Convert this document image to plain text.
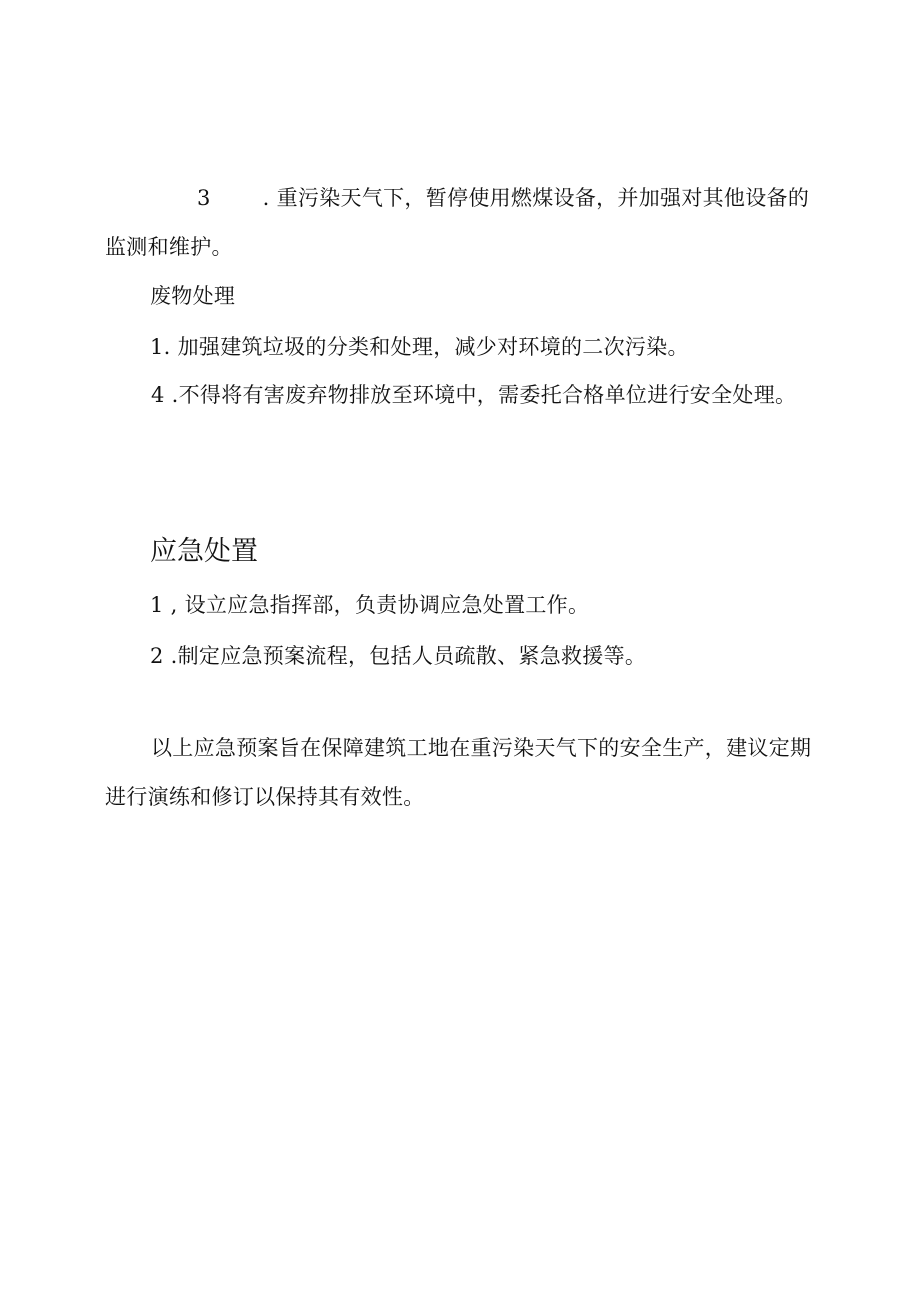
3 . 重污染天气下，暂停使用燃煤设备，并加强对其他设备的监测和维护。

废物处理

1. 加强建筑垃圾的分类和处理，减少对环境的二次污染。

4 .不得将有害废弃物排放至环境中，需委托合格单位进行安全处理。

应急处置

1 , 设立应急指挥部，负责协调应急处置工作。

2 .制定应急预案流程，包括人员疏散、紧急救援等。

以上应急预案旨在保障建筑工地在重污染天气下的安全生产，建议定期进行演练和修订以保持其有效性。
